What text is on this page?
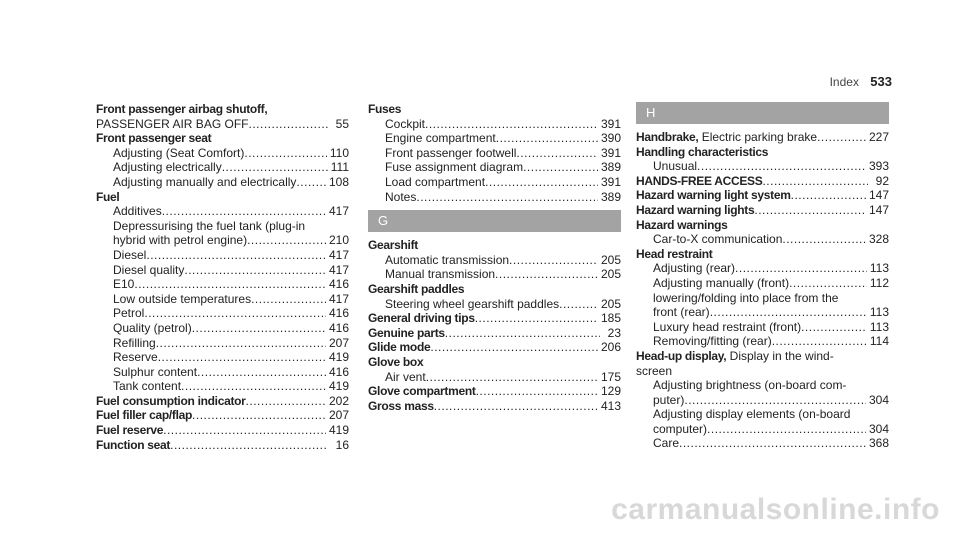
Index 533
Front passenger airbag shutoff,
PASSENGER AIR BAG OFF .....	55
Front passenger seat
Adjusting (Seat Comfort) .....	110
Adjusting electrically .....	111
Adjusting manually and electrically .....	108
Fuel
Additives .....	417
Depressurising the fuel tank (plug-in
hybrid with petrol engine) .....	210
Diesel .....	417
Diesel quality .....	417
E10 .....	416
Low outside temperatures .....	417
Petrol .....	416
Quality (petrol) .....	416
Refilling .....	207
Reserve .....	419
Sulphur content .....	416
Tank content .....	419
Fuel consumption indicator .....	202
Fuel filler cap/flap .....	207
Fuel reserve .....	419
Function seat .....	16
Fuses
Cockpit .....	391
Engine compartment .....	390
Front passenger footwell .....	391
Fuse assignment diagram .....	389
Load compartment .....	391
Notes .....	389
G
Gearshift
Automatic transmission .....	205
Manual transmission .....	205
Gearshift paddles
Steering wheel gearshift paddles .....	205
General driving tips .....	185
Genuine parts .....	23
Glide mode .....	206
Glove box
Air vent .....	175
Glove compartment .....	129
Gross mass .....	413
H
Handbrake, Electric parking brake .....	227
Handling characteristics
Unusual .....	393
HANDS-FREE ACCESS .....	92
Hazard warning light system .....	147
Hazard warning lights .....	147
Hazard warnings
Car-to-X communication .....	328
Head restraint
Adjusting (rear) .....	113
Adjusting manually (front) .....	112
lowering/folding into place from the
front (rear) .....	113
Luxury head restraint (front) .....	113
Removing/fitting (rear) .....	114
Head-up display, Display in the wind-
screen
Adjusting brightness (on-board com-
puter) .....	304
Adjusting display elements (on-board
computer) .....	304
Care .....	368
carmanualsonline.info
